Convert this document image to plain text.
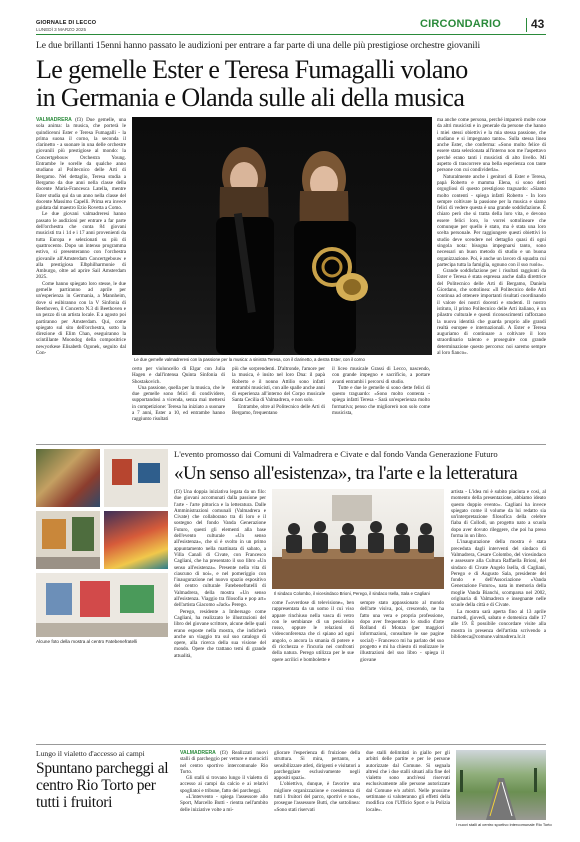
GIORNALE DI LECCO
LUNEDÌ 3 MARZO 2025	CIRCONDARIO 43
Le due brillanti 15enni hanno passato le audizioni per entrare a far parte di una delle più prestigiose orchestre giovanili
Le gemelle Ester e Teresa Fumagalli volano
in Germania e Olanda sulle ali della musica

VALMADRERA (f3) Due gemelle, una sola anima: la musica, che porterà le quindicenni Ester e Teresa Fumagalli - la prima suona il corno, la seconda il clarinetto - a suonare in una delle orchestre giovanili più prestigiose al mondo: la Concertgebouw Orchestra Young. Entrambe le sorelle da qualche anno studiano al Politecnico delle Arti di Bergamo. Nel dettaglio, Teresa studia a Bergamo da due anni nella classe della docente Maria-Francesca Latella, mentre Ester studia qui da un anno nella classe del docente Massimo Capelli. Prima era invece guidata dal maestro Ezio Rovetta a Como.

Le due giovani valmadreresi hanno passato le audizioni per entrare a far parte dell'orchestra che conta 84 giovani musicisti tra i 14 e i 17 anni provenienti da tutta Europa e selezionati su più di quattrocento. Dopo un intenso programma estivo, si presenteranno con l'orchestra giovanile all'Amsterdam Concertgebouw e alla prestigiosa Elbphilharmonie di Amburgo, oltre ad aprire Sail Amsterdam 2025.

Come hanno spiegato loro stesse, le due gemelle partiranno ad aprile per un'esperienza in Germania, a Mannheim, dove si esibiranno con la V Sinfonia di Beethoven, il Concerto N.3 di Beethoven e un pezzo di un artista locale. E a agosto poi partiranno per Amsterdam. Qui, come spiegato sul sito dell'orchestra, sotto la direzione di Elim Chan, eseguiranno la scintillante Moondog della compositrice newyorkese Elisabeth Ogonek, seguito dal Con-

Le due gemelle valmadreresi con la passione per la musica: a sinistra Teresa, con il clarinetto, a destra Ester, con il corno

certo per violoncello di Elgar con Julia Hagen e dall'intensa Quinta Sinfonia di Shostakovich.

Una passione, quella per la musica, che le due gemelle sono felici di condividere, supportandosi a vicenda, senza mai mettersi in competizione: Teresa ha iniziato a suonare a 7 anni, Ester a 10, ed entrambe hanno raggiunto risultati

più che sorprendenti. D'altronde, l'amore per la musica, è insito nel loro Dna: il papà Roberto e il nonno Attilio sono infatti entrambi musicisti, con alle spalle anche anni di esperienza all'interno del Corpo musicale Santa Cecilia di Valmadrera, e non solo.

Entrambe, oltre al Politecnico delle Arti di Bergamo, frequentano

il liceo musicale Grassi di Lecco, nascendo, con grande impegno e sacrificio, a portare avanti entrambi i percorsi di studio.

Tutte e due le gemelle si sono dette felici di questo traguardo: «Sono molto contenta - spiega infatti Teresa - Sarà un'esperienza molto formativa; penso che migliorerò non solo come musicista,

ma anche come persona, perché imparerò molte cose da altri musicisti e in generale da persone che hanno i miei stessi obiettivi e la mia stessa passione, che studiano e si impegnano tanto». Sulla stessa linea anche Ester, che conferma: «Sono molto felice di essere stata selezionata all'interno non me l'aspettavo perché erano tanti i musicisti di alto livello. Mi aspetto di trascorrere una bella esperienza con tante persone con cui condividerla».

Naturalmente anche i genitori di Ester e Teresa, papà Roberto e mamma Elena, si sono detti orgogliosi di questo prestigioso traguardo: «Siamo molto contenti - spiega infatti Roberto - In loro sempre coltivare la passione per la musica e siamo felici di vedere questa è una grande soddisfazione. È chiaro però che si tratta della loro vita, e devono essere felici loro, lo vorrei sottolineare che comunque per quello è stato, ma è stata una loro scelta personale. Per raggiungere questi obiettivi lo studio deve scendere nel dettaglio quasi di ogni singola nota: bisogna impegnarsi tanto, sono necessari un buon metodo di studio e un buona organizzazione. Poi, è anche un lavoro di squadra cui partecipa tutta la famiglia, ognuno con il suo ruolo».

Grande soddisfazione per i risultati raggiunti da Ester e Teresa è stata espressa anche dalla direttrice del Politecnico delle Arti di Bergamo, Daniela Giordano, che sottolinea: «Il Politecnico delle Arti continua ad ottenere importanti risultati coordinando il valore dei nostri docenti e studenti. Il nostro istituto, il primo Politecnico delle Arti italiano, è un pilastro culturale e questi riconoscimenti rafforzano la nuova identità che guarda proprio alle grandi realtà europee e internazionali. A Ester e Teresa auguriamo di continuare a coltivare il loro straordinario talento e proseguire con grande determinazione questo percorso: noi saremo sempre al loro fianco».

L'evento promosso dai Comuni di Valmadrera e Civate e dal fondo Vanda Generazione Futuro
«Un senso all'esistenza», tra l'arte e la letteratura
Alcune foto della mostra al centro Fatebenefratelli

(f3) Una doppia iniziativa legata da un filo: due giovani accomunati dalla passione per l'arte - l'arte pittorica e la letteratura. Dalle Amministrazioni comunali (Valmadrera e Civate) che collaborano tra di loro e il sostegno del fondo Vanda Generazione Futuro, questi gli elementi alla base dell'evento culturale «Un senso all'esistenza», che si è svolto in un primo appuntamento nella mattinata di sabato, a Villa Canali di Civate, con Francesco Cagliani, che ha presentato il suo libro «Un senso all'esistenza». Presente nella vita di ciascuno di noi», e nel pomeriggio con l'inaugurazione nel nuovo spazio espositivo del centro culturale Fatebenefratelli di Valmadrera, della mostra «Un senso all'esistenza. Viaggio tra filosofia e pop art» dell'artista Giacomo «Jack» Perego.

Perego, residente a Imbersago come Cagliani, ha realizzato le illustrazioni del libro del giovane scrittore, alcune delle quali erano esposte nella mostra, che indicherà anche un viaggio tra sul suo catalogo di opere, alla ricerca della sua visione del mondo. Opere che trattano temi di grande attualità,

Il sindaco Colombo, il vicesindaco Brioni, Perego, il sindaco Isella, Sala e Cagliani

come l'«overdose di televisione», ben rappresentata da un uomo il cui viso appare rinchiuso nella vasca di vetro con le sembianze di un pesciolino rosso, oppure le relazioni di videoconferenza che ci spiano ad ogni angolo, o ancora la smania di potere e di ricchezza e l'incuria nei confronti della natura. Perego utilizza per le sue opere acrilici e bombolette e

sempre stato appassionato al mondo dell'arte visiva, poi, crescendo, ne ha fatto una vera e propria professione, dopo aver frequentato lo studio d'arte Rolland di Monza (per maggiori informazioni, consultare le sue pagine social) - Francesco mi ha parlato del suo progetto e mi ha chiesto di realizzare le illustrazioni del suo libro - spiega il giovane

artista - L'idea mi è subito piaciuta e così, al momento della presentazione, abbiamo ideato questo doppio evento». Cagliani ha invece spiegato come il volume da lui redatto sia un'interpretazione filosofica della celebre fiaba di Collodi, un progetto nato a scuola dopo aver dovuto rileggere, che poi ha preso forma in un libro.

L'inaugurazione della mostra è stata preceduta dagli interventi del sindaco di Valmadrera, Cesare Colombo, del vicesindaco e assessore alla Cultura Raffaella Brioni, del sindaco di Civate Angelo Isella, di Cagliani, Perego e di Augusto Sala, presidente del fondo e dell'Associazione «Vanda Generazione Futuro», nata in memoria della moglie Vanda Bianchi, scomparsa nel 2002, originaria di Valmadrera e insegnante nelle scuole della città e di Civate.

La mostra sarà aperta fino al 13 aprile martedì, giovedì, sabato e domenica dalle 17 alle 19. È possibile concordare visite alla mostra in presenza dell'artista scrivendo a biblioteca@comune.valmadrera.lc.it

Lungo il vialetto d'accesso ai campi
Spuntano parcheggi al centro Rio Torto per tutti i fruitori

VALMADRERA (f3) Realizzati nuovi stalli di parcheggio per vetture e motocicli nel centro sportivo intercomunale Rio Torto.

Gli stalli si trovano lungo il vialetto di accesso ai campi da calcio e ai relativi spogliatoi e tribune, fatto dei parcheggi.

«L'intervento - spiega l'assessore allo Sport, Marcello Butti - rientra nell'ambito delle iniziative volte a mi-

gliorare l'esperienza di fruizione della struttura. Si mira, pertanto, a sensibilizzare atleti, dirigenti e visitatori a parcheggiare esclusivamente negli appositi spazi».

L'obiettivo, dunque, è favorire una migliore organizzazione e coesistenza di tutti i fruitori del parco, sportivi e non», prosegue l'assessore Butti, che sottolinea: «Sono stati riservati

due stalli delimitati in giallo per gli arbitri delle partite e per le persone autorizzate dal Comune. Si segnala altresì che i due stalli situati alla fine del vialetto sono anch'essi riservati esclusivamente alle persone autorizzate dal Comune e/o arbitri. Nelle prossime settimane si valuteranno gli effetti della modifica con l'Ufficio Sport e la Polizia locale».

I nuovi stalli al centro sportivo intercomunale Rio Torto
